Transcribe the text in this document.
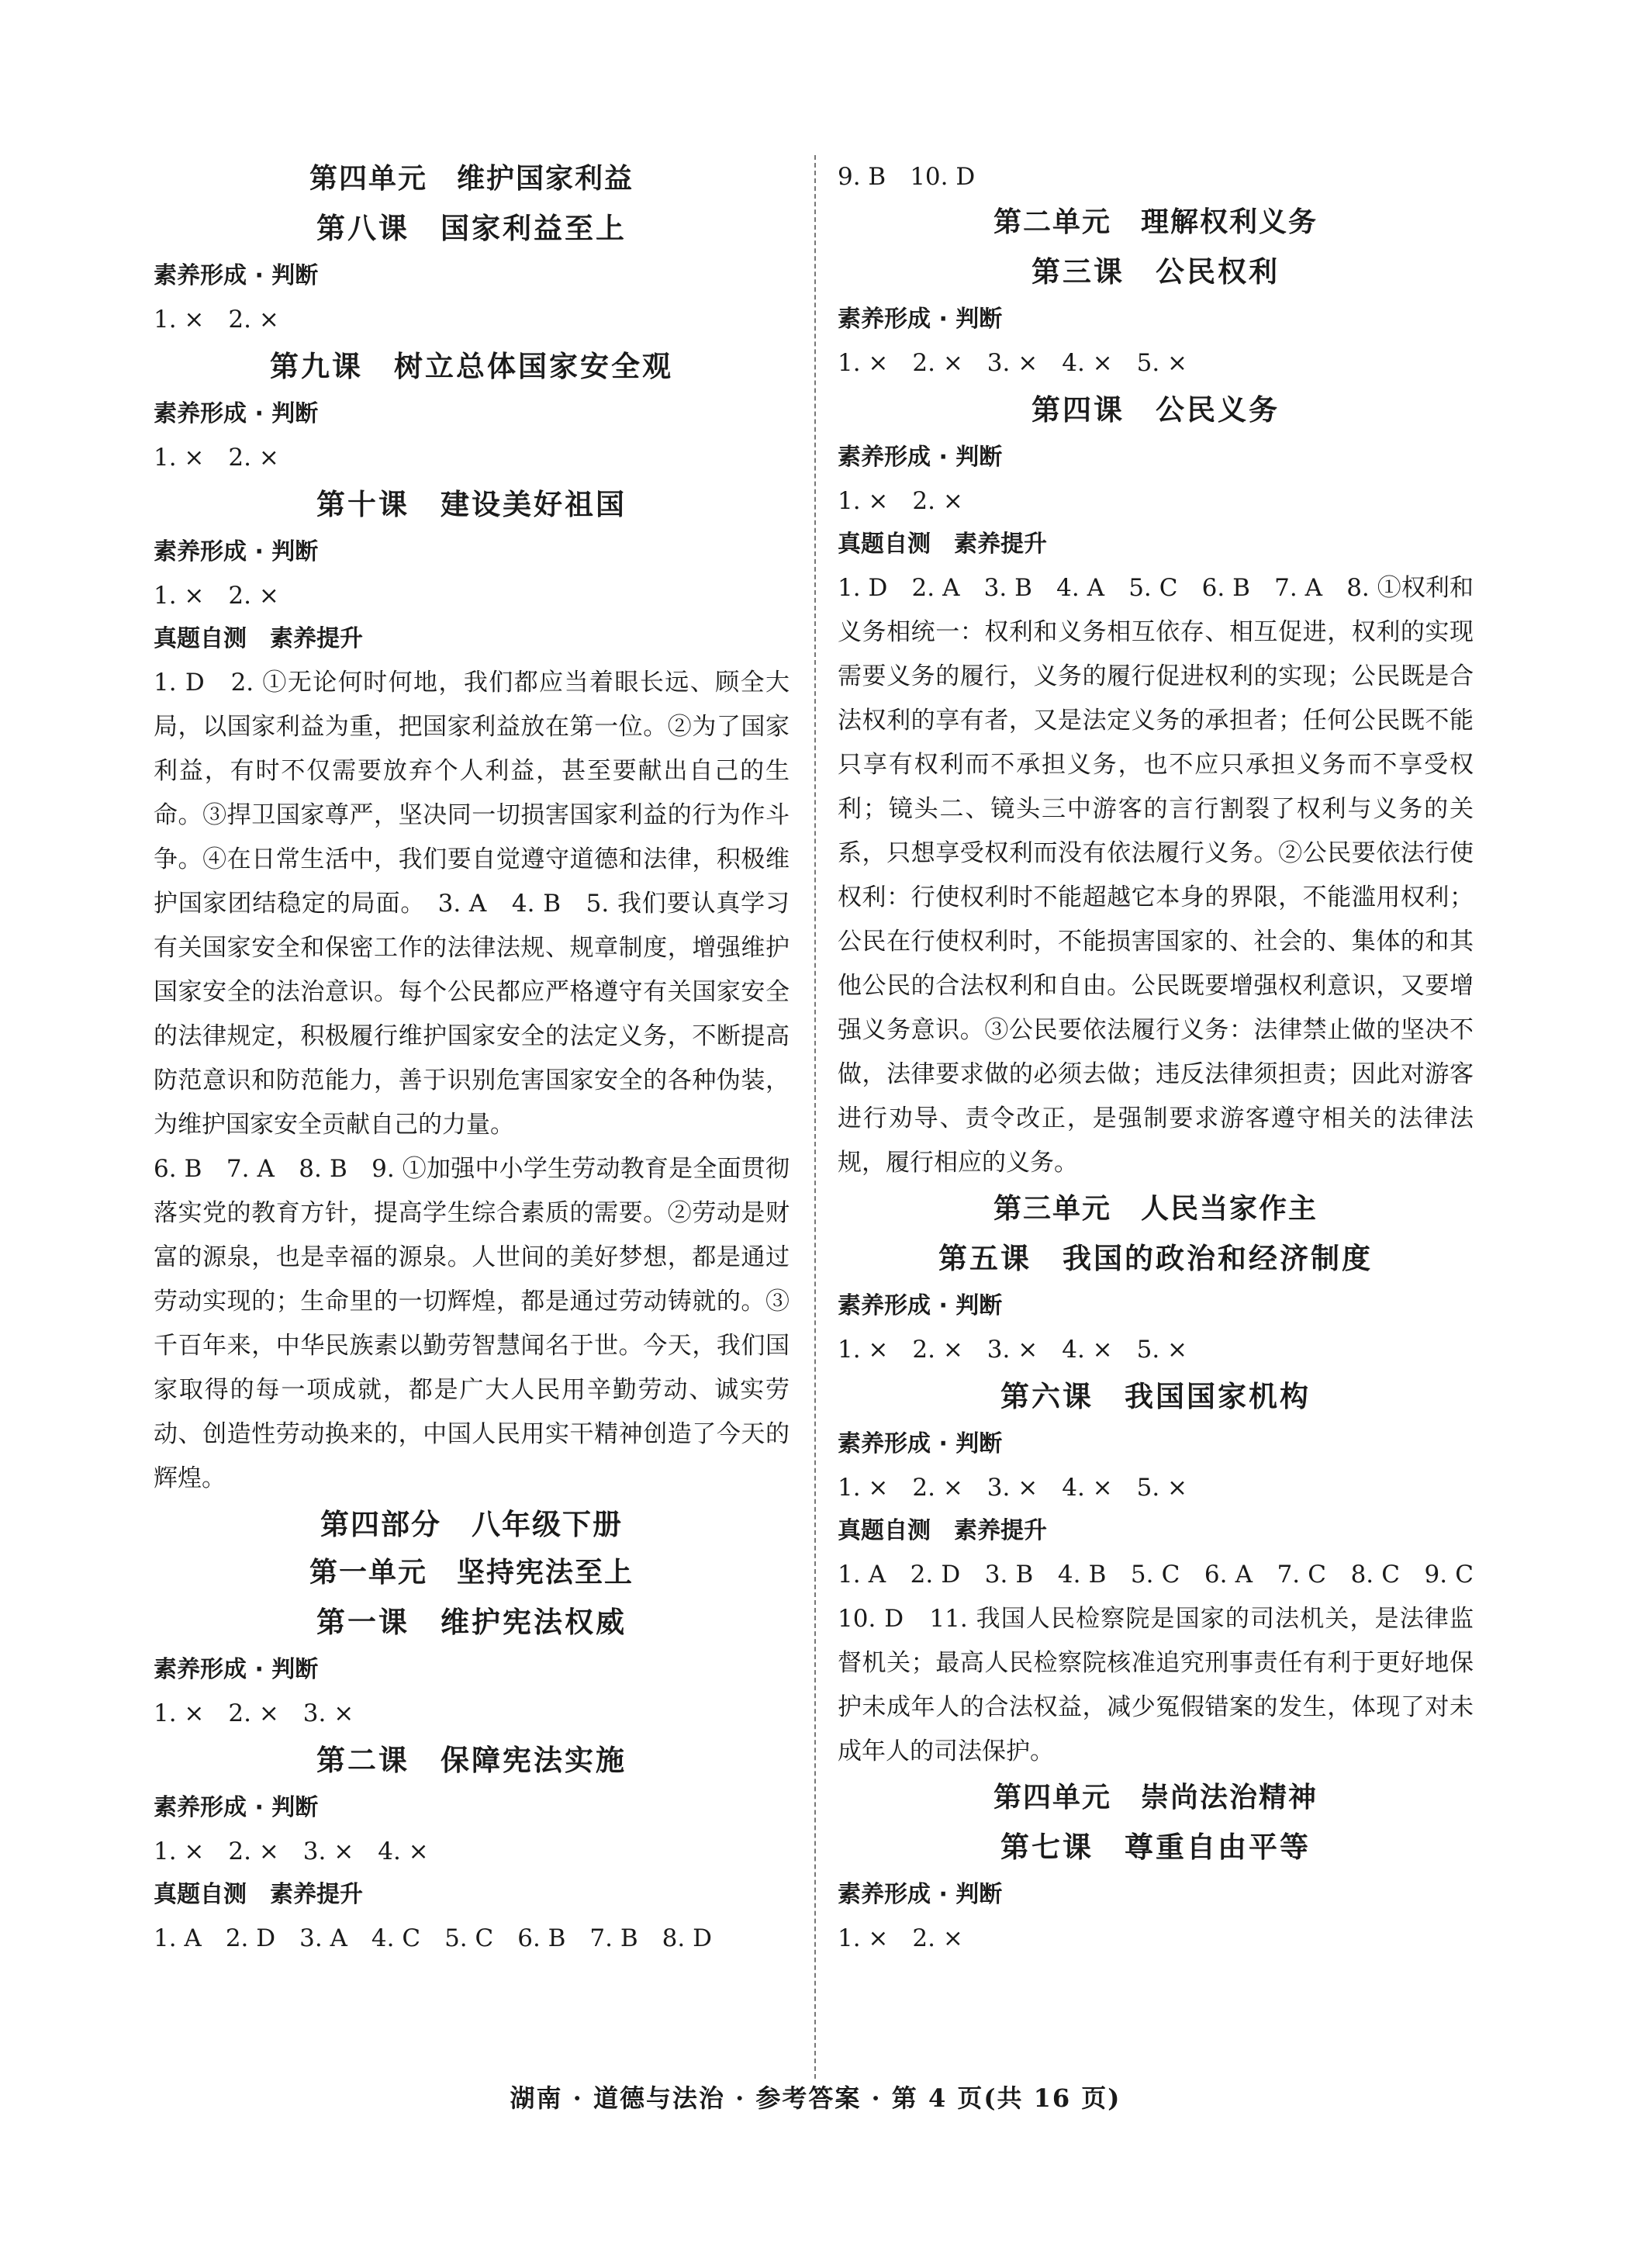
第四单元　维护国家利益

第八课　国家利益至上

素养形成 · 判断

1. ×　2. ×

第九课　树立总体国家安全观

素养形成 · 判断

1. ×　2. ×

第十课　建设美好祖国

素养形成 · 判断

1. ×　2. ×

真题自测　素养提升

1. D　2. ①无论何时何地，我们都应当着眼长远、顾全大局，以国家利益为重，把国家利益放在第一位。②为了国家利益，有时不仅需要放弃个人利益，甚至要献出自己的生命。③捍卫国家尊严，坚决同一切损害国家利益的行为作斗争。④在日常生活中，我们要自觉遵守道德和法律，积极维护国家团结稳定的局面。　3. A　4. B　5. 我们要认真学习有关国家安全和保密工作的法律法规、规章制度，增强维护国家安全的法治意识。每个公民都应严格遵守有关国家安全的法律规定，积极履行维护国家安全的法定义务，不断提高防范意识和防范能力，善于识别危害国家安全的各种伪装，为维护国家安全贡献自己的力量。

6. B　7. A　8. B　9. ①加强中小学生劳动教育是全面贯彻落实党的教育方针，提高学生综合素质的需要。②劳动是财富的源泉，也是幸福的源泉。人世间的美好梦想，都是通过劳动实现的；生命里的一切辉煌，都是通过劳动铸就的。③千百年来，中华民族素以勤劳智慧闻名于世。今天，我们国家取得的每一项成就，都是广大人民用辛勤劳动、诚实劳动、创造性劳动换来的，中国人民用实干精神创造了今天的辉煌。

第四部分　八年级下册

第一单元　坚持宪法至上

第一课　维护宪法权威

素养形成 · 判断

1. ×　2. ×　3. ×

第二课　保障宪法实施

素养形成 · 判断

1. ×　2. ×　3. ×　4. ×

真题自测　素养提升

1. A　2. D　3. A　4. C　5. C　6. B　7. B　8. D

9. B　10. D

第二单元　理解权利义务

第三课　公民权利

素养形成 · 判断

1. ×　2. ×　3. ×　4. ×　5. ×

第四课　公民义务

素养形成 · 判断

1. ×　2. ×

真题自测　素养提升

1. D　2. A　3. B　4. A　5. C　6. B　7. A　8. ①权利和义务相统一：权利和义务相互依存、相互促进，权利的实现需要义务的履行，义务的履行促进权利的实现；公民既是合法权利的享有者，又是法定义务的承担者；任何公民既不能只享有权利而不承担义务，也不应只承担义务而不享受权利；镜头二、镜头三中游客的言行割裂了权利与义务的关系，只想享受权利而没有依法履行义务。②公民要依法行使权利：行使权利时不能超越它本身的界限，不能滥用权利；公民在行使权利时，不能损害国家的、社会的、集体的和其他公民的合法权利和自由。公民既要增强权利意识，又要增强义务意识。③公民要依法履行义务：法律禁止做的坚决不做，法律要求做的必须去做；违反法律须担责；因此对游客进行劝导、责令改正，是强制要求游客遵守相关的法律法规，履行相应的义务。

第三单元　人民当家作主

第五课　我国的政治和经济制度

素养形成 · 判断

1. ×　2. ×　3. ×　4. ×　5. ×

第六课　我国国家机构

素养形成 · 判断

1. ×　2. ×　3. ×　4. ×　5. ×

真题自测　素养提升

1. A　2. D　3. B　4. B　5. C　6. A　7. C　8. C　9. C　10. D　11. 我国人民检察院是国家的司法机关，是法律监督机关；最高人民检察院核准追究刑事责任有利于更好地保护未成年人的合法权益，减少冤假错案的发生，体现了对未成年人的司法保护。

第四单元　崇尚法治精神

第七课　尊重自由平等

素养形成 · 判断

1. ×　2. ×

湖南 · 道德与法治 · 参考答案 · 第 4 页(共 16 页)
